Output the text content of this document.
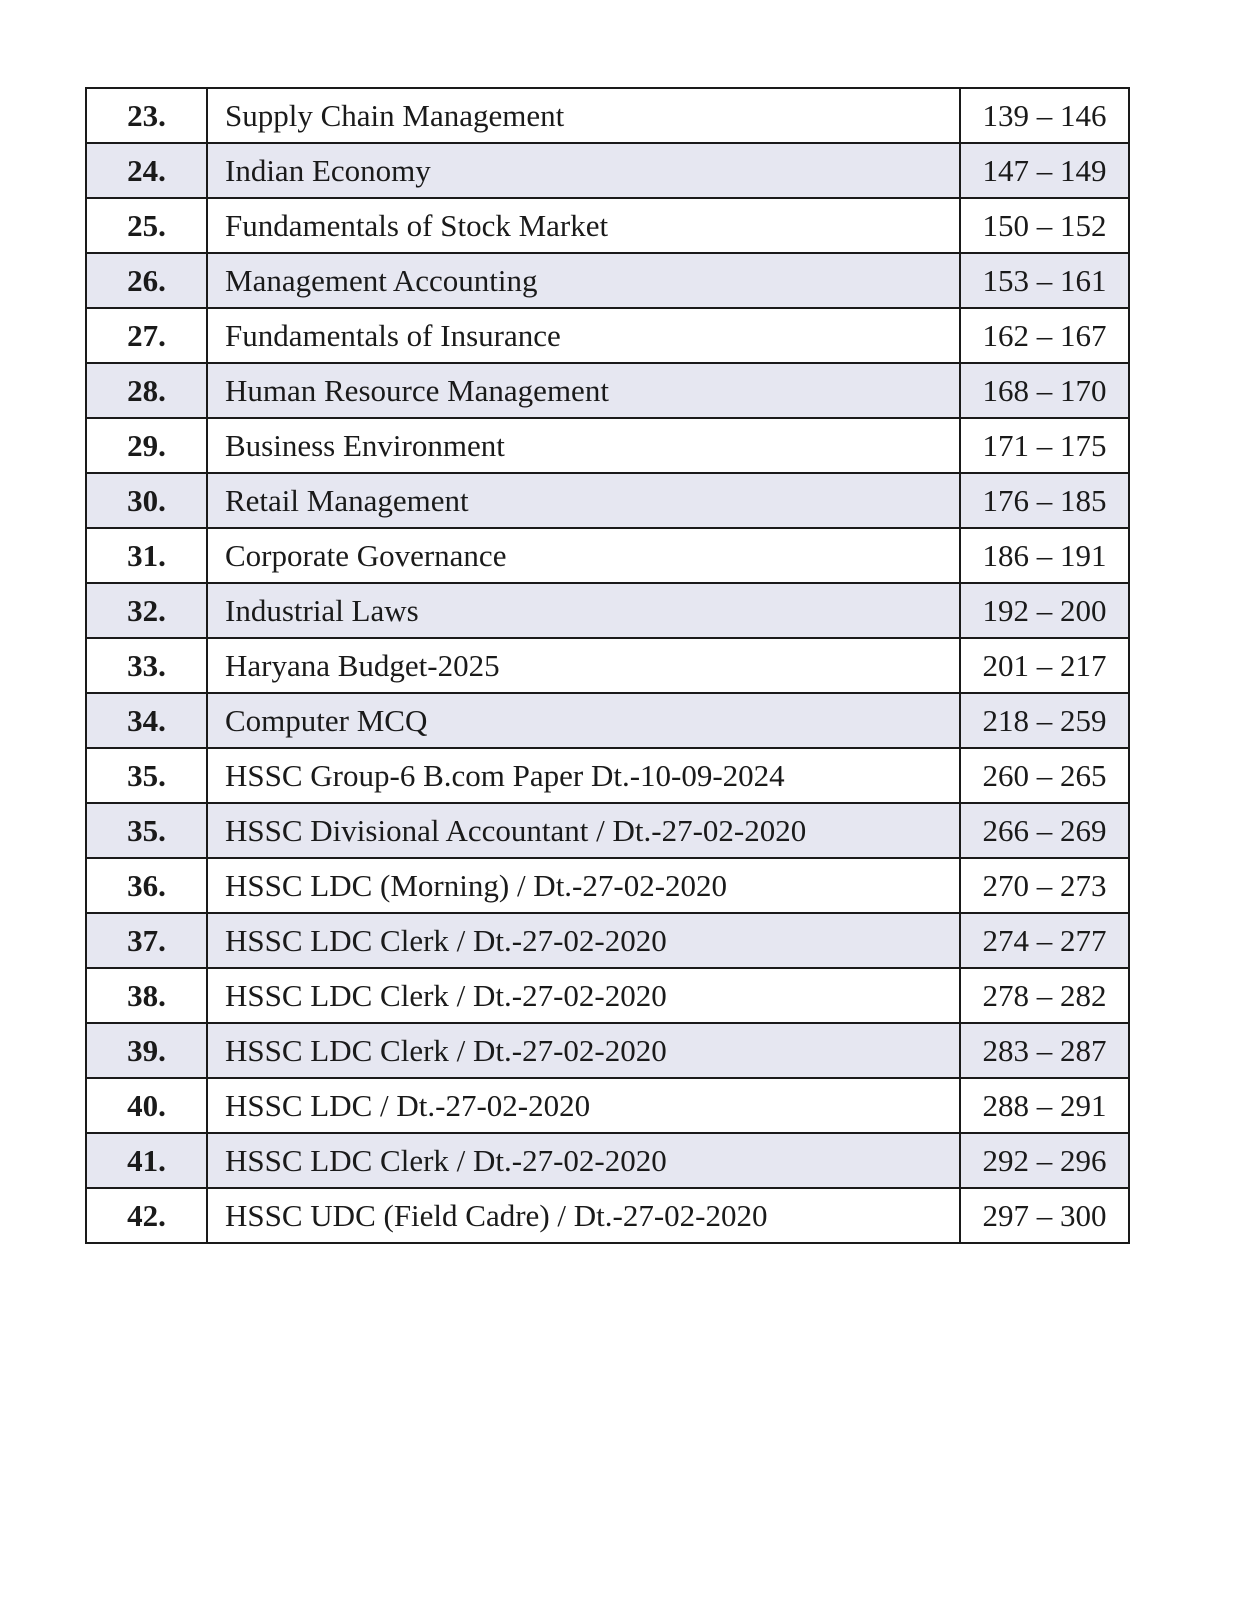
23.	Supply Chain Management	139 – 146
24.	Indian Economy	147 – 149
25.	Fundamentals of Stock Market	150 – 152
26.	Management Accounting	153 – 161
27.	Fundamentals of Insurance	162 – 167
28.	Human Resource Management	168 – 170
29.	Business Environment	171 – 175
30.	Retail Management	176 – 185
31.	Corporate Governance	186 – 191
32.	Industrial Laws	192 – 200
33.	Haryana Budget-2025	201 – 217
34.	Computer MCQ	218 – 259
35.	HSSC Group-6 B.com Paper Dt.-10-09-2024	260 – 265
35.	HSSC Divisional Accountant / Dt.-27-02-2020	266 – 269
36.	HSSC LDC (Morning) / Dt.-27-02-2020	270 – 273
37.	HSSC LDC Clerk / Dt.-27-02-2020	274 – 277
38.	HSSC LDC Clerk / Dt.-27-02-2020	278 – 282
39.	HSSC LDC Clerk / Dt.-27-02-2020	283 – 287
40.	HSSC LDC / Dt.-27-02-2020	288 – 291
41.	HSSC LDC Clerk / Dt.-27-02-2020	292 – 296
42.	HSSC UDC (Field Cadre) / Dt.-27-02-2020	297 – 300
